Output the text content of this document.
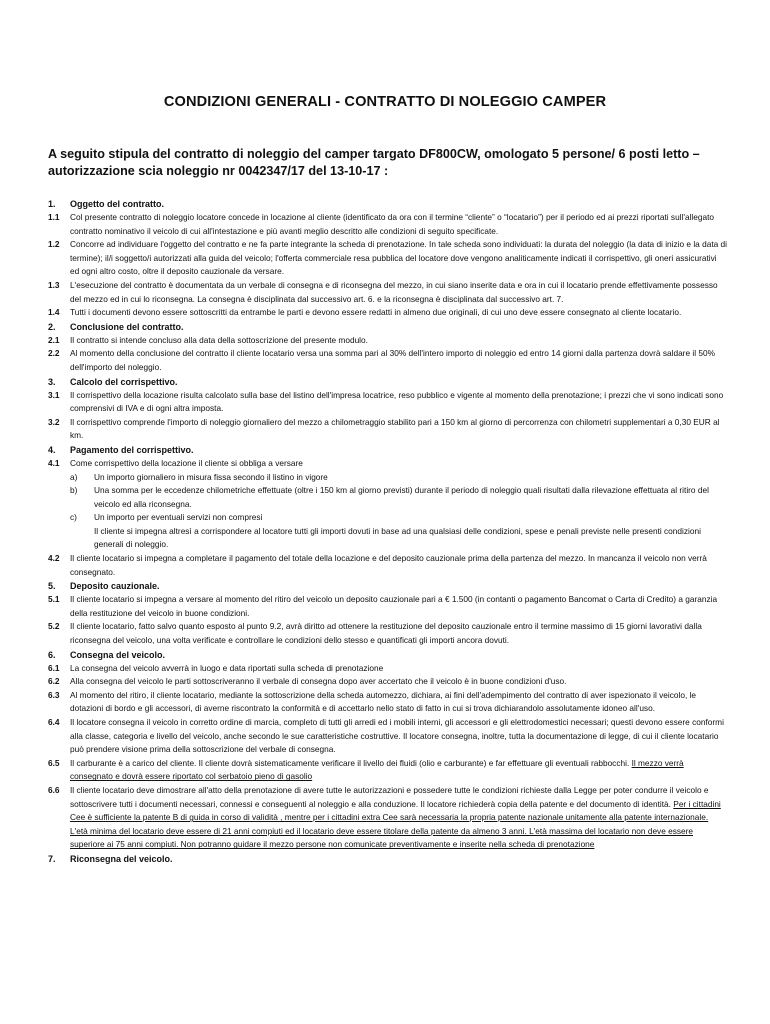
CONDIZIONI GENERALI - CONTRATTO DI NOLEGGIO CAMPER
A seguito stipula del contratto di noleggio del camper targato DF800CW, omologato 5 persone/ 6 posti letto – autorizzazione scia noleggio nr 0042347/17 del 13-10-17 :
1. Oggetto del contratto.
1.1 Col presente contratto di noleggio locatore concede in locazione al cliente (identificato da ora con il termine “cliente” o “locatario”) per il periodo ed ai prezzi riportati sull'allegato contratto nominativo il veicolo di cui all'intestazione e più avanti meglio descritto alle condizioni di seguito specificate.
1.2 Concorre ad individuare l'oggetto del contratto e ne fa parte integrante la scheda di prenotazione. In tale scheda sono individuati: la durata del noleggio (la data di inizio e la data di termine); il/i soggetto/i autorizzati alla guida del veicolo; l'offerta commerciale resa pubblica del locatore dove vengono analiticamente indicati il corrispettivo, gli oneri assicurativi ed ogni altro costo, oltre il deposito cauzionale da versare.
1.3 L'esecuzione del contratto è documentata da un verbale di consegna e di riconsegna del mezzo, in cui siano inserite data e ora in cui il locatario prende effettivamente possesso del mezzo ed in cui lo riconsegna. La consegna è disciplinata dal successivo art. 6. e la riconsegna è disciplinata dal successivo art. 7.
1.4 Tutti i documenti devono essere sottoscritti da entrambe le parti e devono essere redatti in almeno due originali, di cui uno deve essere consegnato al cliente locatario.
2. Conclusione del contratto.
2.1 Il contratto si intende concluso alla data della sottoscrizione del presente modulo.
2.2 Al momento della conclusione del contratto il cliente locatario versa una somma pari al 30% dell'intero importo di noleggio ed entro 14 giorni dalla partenza dovrà saldare il 50% dell'importo del noleggio.
3. Calcolo del corrispettivo.
3.1 Il corrispettivo della locazione risulta calcolato sulla base del listino dell'impresa locatrice, reso pubblico e vigente al momento della prenotazione; i prezzi che vi sono indicati sono comprensivi di IVA e di ogni altra imposta.
3.2 Il corrispettivo comprende l'importo di noleggio giornaliero del mezzo a chilometraggio stabilito pari a 150 km al giorno di percorrenza con chilometri supplementari a 0,30 EUR al km.
4. Pagamento del corrispettivo.
4.1 Come corrispettivo della locazione il cliente si obbliga a versare
a) Un importo giornaliero in misura fissa secondo il listino in vigore
b) Una somma per le eccedenze chilometriche effettuate (oltre i 150 km al giorno previsti) durante il periodo di noleggio quali risultati dalla rilevazione effettuata al ritiro del veicolo ed alla riconsegna.
c) Un importo per eventuali servizi non compresi
Il cliente si impegna altresì a corrispondere al locatore tutti gli importi dovuti in base ad una qualsiasi delle condizioni, spese e penali previste nelle presenti condizioni generali di noleggio.
4.2 Il cliente locatario si impegna a completare il pagamento del totale della locazione e del deposito cauzionale prima della partenza del mezzo. In mancanza il veicolo non verrà consegnato.
5. Deposito cauzionale.
5.1 Il cliente locatario si impegna a versare al momento del ritiro del veicolo un deposito cauzionale pari a € 1.500 (in contanti o pagamento Bancomat o Carta di Credito) a garanzia della restituzione del veicolo in buone condizioni.
5.2 Il cliente locatario, fatto salvo quanto esposto al punto 9.2, avrà diritto ad ottenere la restituzione del deposito cauzionale entro il termine massimo di 15 giorni lavorativi dalla riconsegna del veicolo, una volta verificate e controllare le condizioni dello stesso e quantificati gli importi ancora dovuti.
6. Consegna del veicolo.
6.1 La consegna del veicolo avverrà in luogo e data riportati sulla scheda di prenotazione
6.2 Alla consegna del veicolo le parti sottoscriveranno il verbale di consegna dopo aver accertato che il veicolo è in buone condizioni d'uso.
6.3 Al momento del ritiro, il cliente locatario, mediante la sottoscrizione della scheda automezzo, dichiara, ai fini dell'adempimento del contratto di aver ispezionato il veicolo, le dotazioni di bordo e gli accessori, di averne riscontrato la conformità e di accettarlo nello stato di fatto in cui si trova dichiarandolo assolutamente idoneo all'uso.
6.4 Il locatore consegna il veicolo in corretto ordine di marcia, completo di tutti gli arredi ed i mobili interni, gli accessori e gli elettrodomestici necessari; questi devono essere conformi alla classe, categoria e livello del veicolo, anche secondo le sue caratteristiche costruttive. Il locatore consegna, inoltre, tutta la documentazione di legge, di cui il cliente locatario può prendere visione prima della sottoscrizione del verbale di consegna.
6.5 Il carburante è a carico del cliente. Il cliente dovrà sistematicamente verificare il livello dei fluidi (olio e carburante) e far effettuare gli eventuali rabbocchi. Il mezzo verrà consegnato e dovrà essere riportato col serbatoio pieno di gasolio
6.6 Il cliente locatario deve dimostrare all'atto della prenotazione di avere tutte le autorizzazioni e possedere tutte le condizioni richieste dalla Legge per poter condurre il veicolo e sottoscrivere tutti i documenti necessari, connessi e conseguenti al noleggio e alla conduzione. Il locatore richiederà copia della patente e del documento di identità. Per i cittadini Cee è sufficiente la patente B di guida in corso di validità , mentre per i cittadini extra Cee sarà necessaria la propria patente nazionale unitamente alla patente internazionale. L'età minima del locatario deve essere di 21 anni compiuti ed il locatario deve essere titolare della patente da almeno 3 anni. L'età massima del locatario non deve essere superiore ai 75 anni compiuti. Non potranno guidare il mezzo persone non comunicate preventivamente e inserite nella scheda di prenotazione
7. Riconsegna del veicolo.
